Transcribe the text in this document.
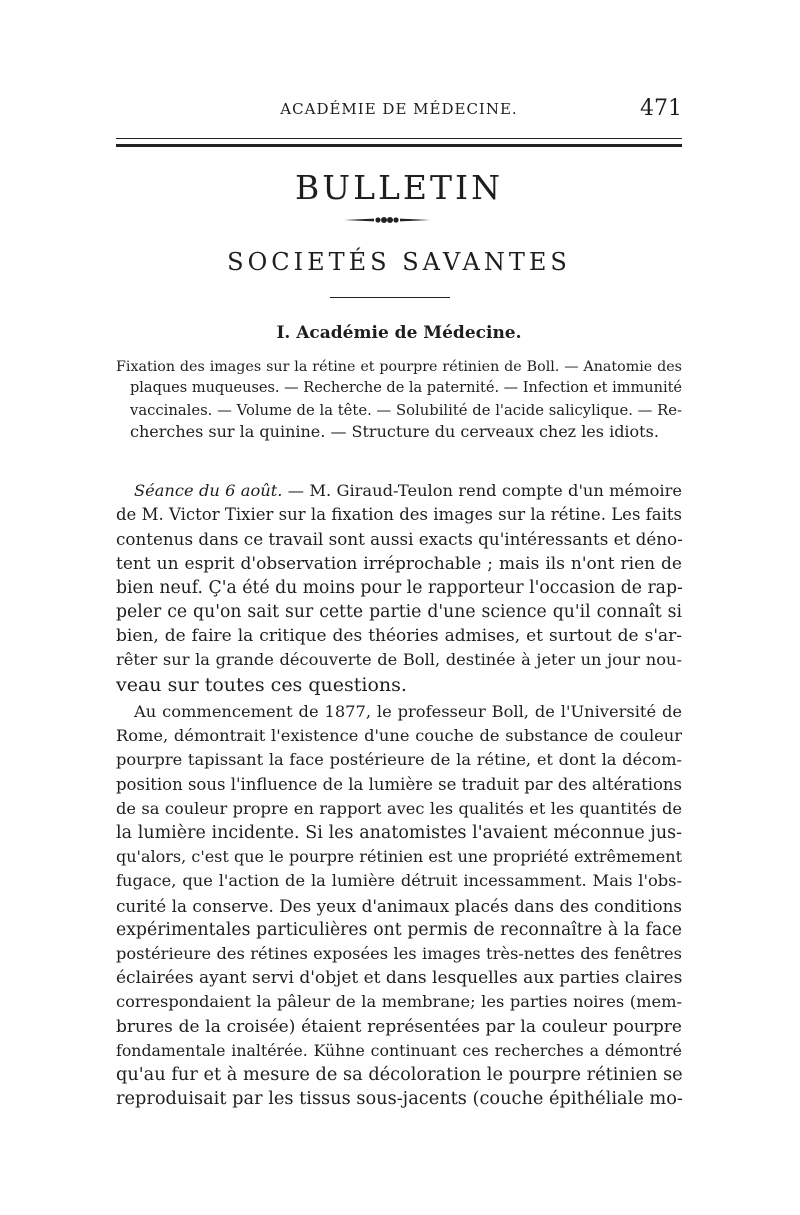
ACADÉMIE DE MÉDECINE.	471
BULLETIN
SOCIETÉS SAVANTES
I. Académie de Médecine.

Fixation des images sur la rétine et pourpre rétinien de Boll. — Anatomie des
plaques muqueuses. — Recherche de la paternité. — Infection et immunité
vaccinales. — Volume de la tête. — Solubilité de l'acide salicylique. — Re-
cherches sur la quinine. — Structure du cerveaux chez les idiots.

Séance du 6 août. — M. Giraud-Teulon rend compte d'un mémoire
de M. Victor Tixier sur la fixation des images sur la rétine. Les faits
contenus dans ce travail sont aussi exacts qu'intéressants et déno-
tent un esprit d'observation irréprochable ; mais ils n'ont rien de
bien neuf. Ç'a été du moins pour le rapporteur l'occasion de rap-
peler ce qu'on sait sur cette partie d'une science qu'il connaît si
bien, de faire la critique des théories admises, et surtout de s'ar-
rêter sur la grande découverte de Boll, destinée à jeter un jour nou-
veau sur toutes ces questions.

Au commencement de 1877, le professeur Boll, de l'Université de
Rome, démontrait l'existence d'une couche de substance de couleur
pourpre tapissant la face postérieure de la rétine, et dont la décom-
position sous l'influence de la lumière se traduit par des altérations
de sa couleur propre en rapport avec les qualités et les quantités de
la lumière incidente. Si les anatomistes l'avaient méconnue jus-
qu'alors, c'est que le pourpre rétinien est une propriété extrêmement
fugace, que l'action de la lumière détruit incessamment. Mais l'obs-
curité la conserve. Des yeux d'animaux placés dans des conditions
expérimentales particulières ont permis de reconnaître à la face
postérieure des rétines exposées les images très-nettes des fenêtres
éclairées ayant servi d'objet et dans lesquelles aux parties claires
correspondaient la pâleur de la membrane; les parties noires (mem-
brures de la croisée) étaient représentées par la couleur pourpre
fondamentale inaltérée. Kühne continuant ces recherches a démontré
qu'au fur et à mesure de sa décoloration le pourpre rétinien se
reproduisait par les tissus sous-jacents (couche épithéliale mo-
